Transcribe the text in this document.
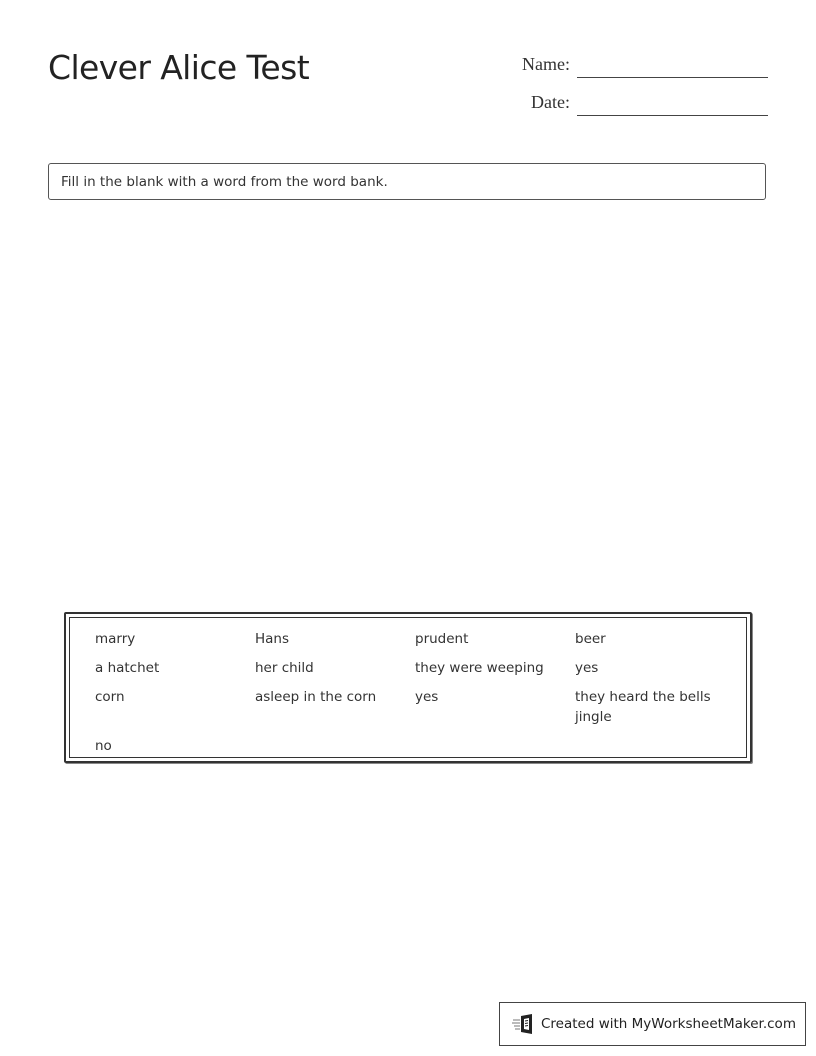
Clever Alice Test	Name:
Date:
Fill in the blank with a word from the word bank.

marry	Hans	prudent	beer

a hatchet	her child	they were weeping	yes

corn	asleep in the corn	yes	they heard the bells jingle

no

Created with MyWorksheetMaker.com
